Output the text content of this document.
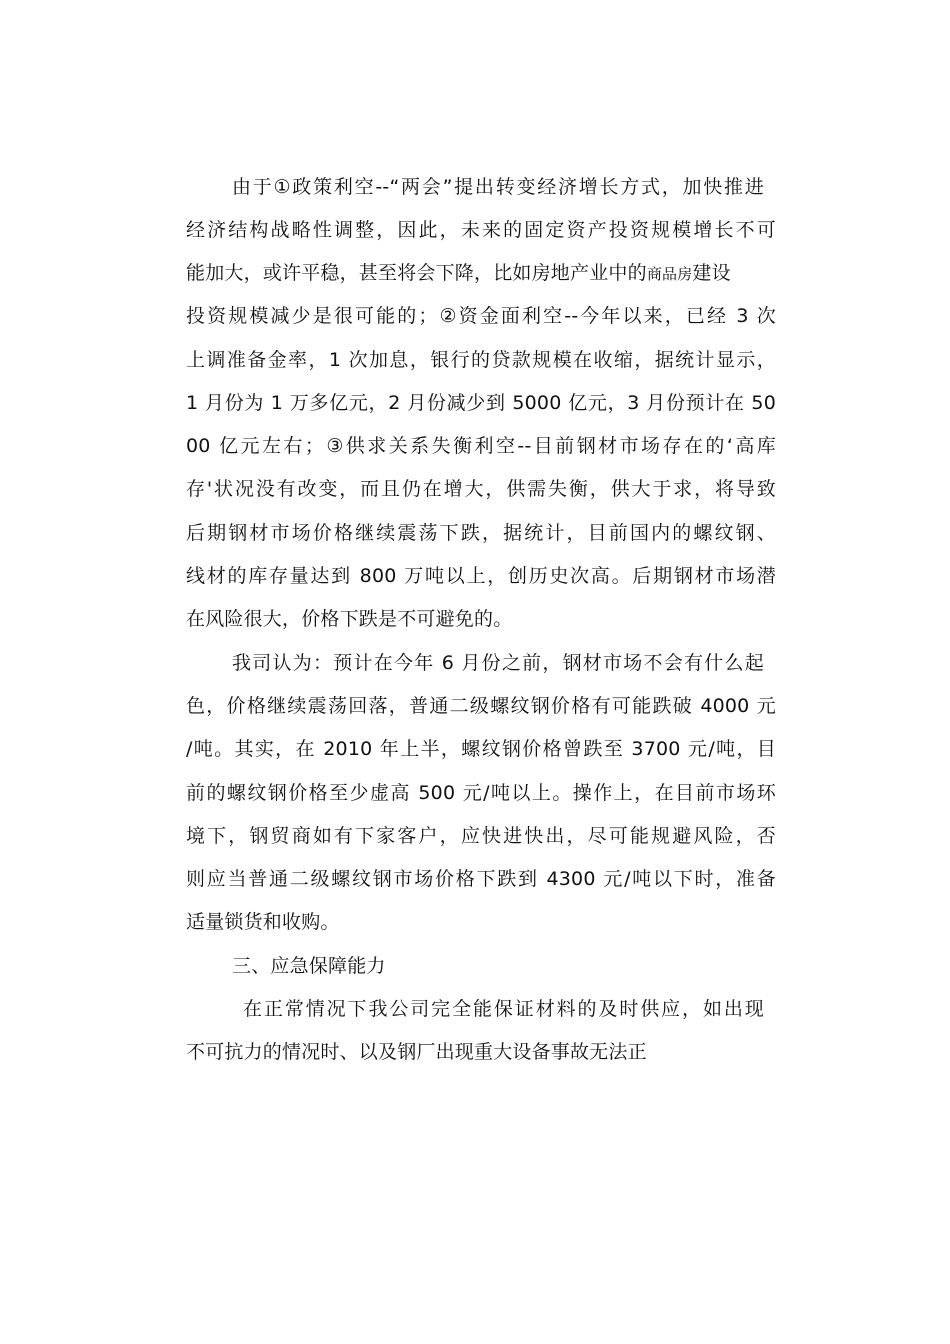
由于①政策利空--“两会”提出转变经济增长方式，加快推进
经济结构战略性调整，因此，未来的固定资产投资规模增长不可
能加大，或许平稳，甚至将会下降，比如房地产业中的商品房建设
投资规模减少是很可能的；②资金面利空--今年以来，已经 3 次
上调准备金率，1 次加息，银行的贷款规模在收缩，据统计显示，
1 月份为 1 万多亿元，2 月份减少到 5000 亿元，3 月份预计在 50
00 亿元左右；③供求关系失衡利空--目前钢材市场存在的‘高库
存'状况没有改变，而且仍在增大，供需失衡，供大于求，将导致
后期钢材市场价格继续震荡下跌，据统计，目前国内的螺纹钢、
线材的库存量达到 800 万吨以上，创历史次高。后期钢材市场潜
在风险很大，价格下跌是不可避免的。
我司认为：预计在今年 6 月份之前，钢材市场不会有什么起
色，价格继续震荡回落，普通二级螺纹钢价格有可能跌破 4000 元
/吨。其实，在 2010 年上半，螺纹钢价格曾跌至 3700 元/吨，目
前的螺纹钢价格至少虚高 500 元/吨以上。操作上，在目前市场环
境下，钢贸商如有下家客户，应快进快出，尽可能规避风险，否
则应当普通二级螺纹钢市场价格下跌到 4300 元/吨以下时，准备
适量锁货和收购。
三、应急保障能力
在正常情况下我公司完全能保证材料的及时供应，如出现
不可抗力的情况时、以及钢厂出现重大设备事故无法正
